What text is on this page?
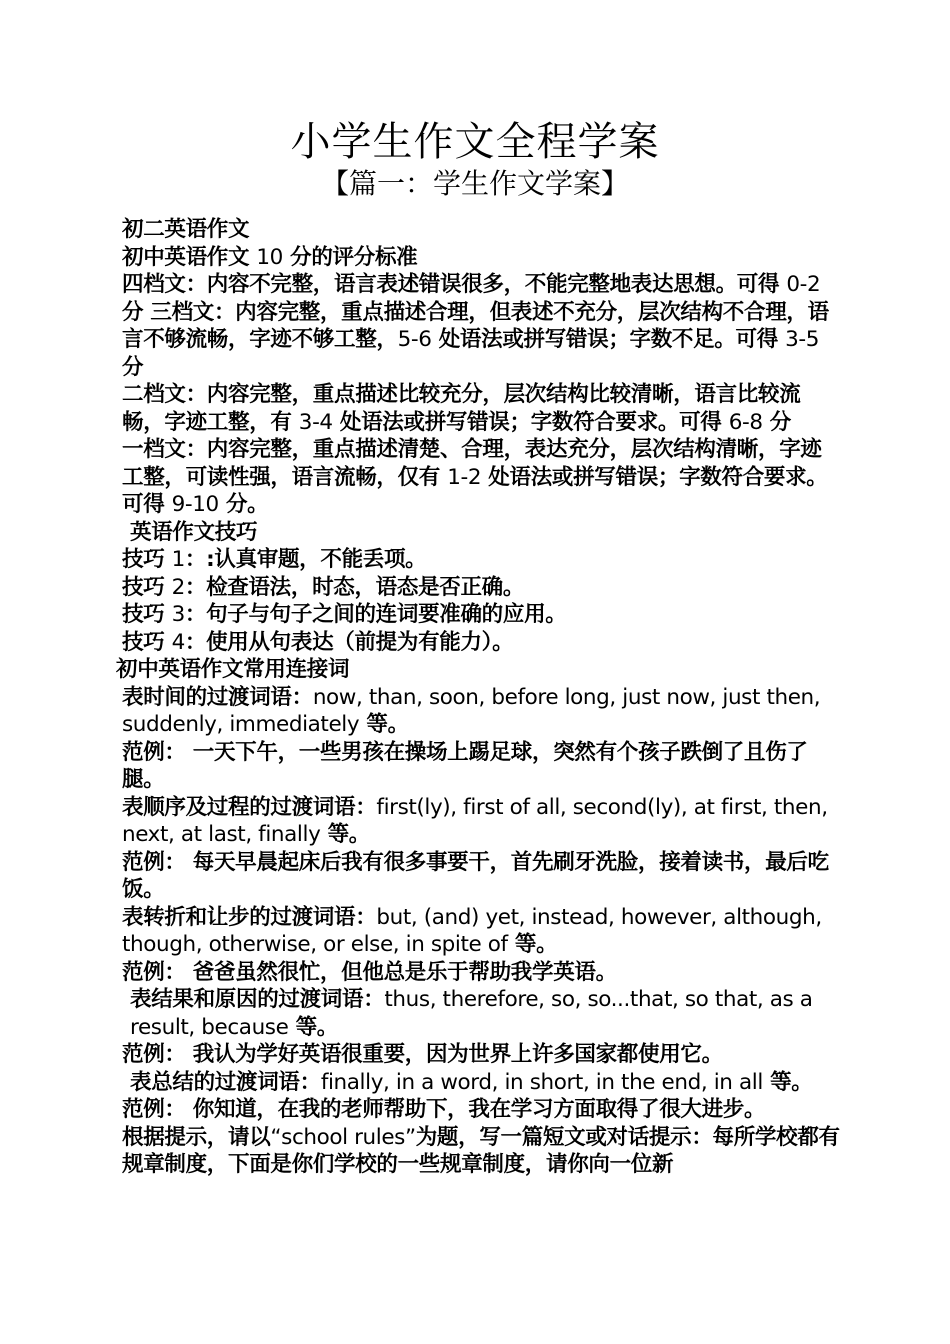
小学生作文全程学案
【篇一：学生作文学案】

初二英语作文

初中英语作文 10 分的评分标准

四档文：内容不完整，语言表述错误很多，不能完整地表达思想。可得 0-2 分 三档文：内容完整，重点描述合理，但表述不充分，层次结构不合理，语言不够流畅，字迹不够工整，5-6 处语法或拼写错误；字数不足。可得 3-5 分

二档文：内容完整，重点描述比较充分，层次结构比较清晰，语言比较流畅，字迹工整，有 3-4 处语法或拼写错误；字数符合要求。可得 6-8 分

一档文：内容完整，重点描述清楚、合理，表达充分，层次结构清晰，字迹工整，可读性强，语言流畅，仅有 1-2 处语法或拼写错误；字数符合要求。可得 9-10 分。

英语作文技巧

技巧 1：:认真审题，不能丢项。

技巧 2：检查语法，时态，语态是否正确。

技巧 3：句子与句子之间的连词要准确的应用。

技巧 4：使用从句表达（前提为有能力）。

初中英语作文常用连接词

表时间的过渡词语：now, than, soon, before long, just now, just then, suddenly, immediately 等。

范例： 一天下午，一些男孩在操场上踢足球，突然有个孩子跌倒了且伤了腿。

表顺序及过程的过渡词语：first(ly), first of all, second(ly), at first, then, next, at last, finally 等。

范例： 每天早晨起床后我有很多事要干，首先刷牙洗脸，接着读书，最后吃饭。

表转折和让步的过渡词语：but, (and) yet, instead, however, although, though, otherwise, or else, in spite of 等。

范例： 爸爸虽然很忙，但他总是乐于帮助我学英语。

表结果和原因的过渡词语：thus, therefore, so, so...that, so that, as a result, because 等。

范例： 我认为学好英语很重要，因为世界上许多国家都使用它。

表总结的过渡词语：finally, in a word, in short, in the end, in all 等。

范例： 你知道，在我的老师帮助下，我在学习方面取得了很大进步。

根据提示，请以“school rules”为题，写一篇短文或对话提示：每所学校都有规章制度，下面是你们学校的一些规章制度，请你向一位新
